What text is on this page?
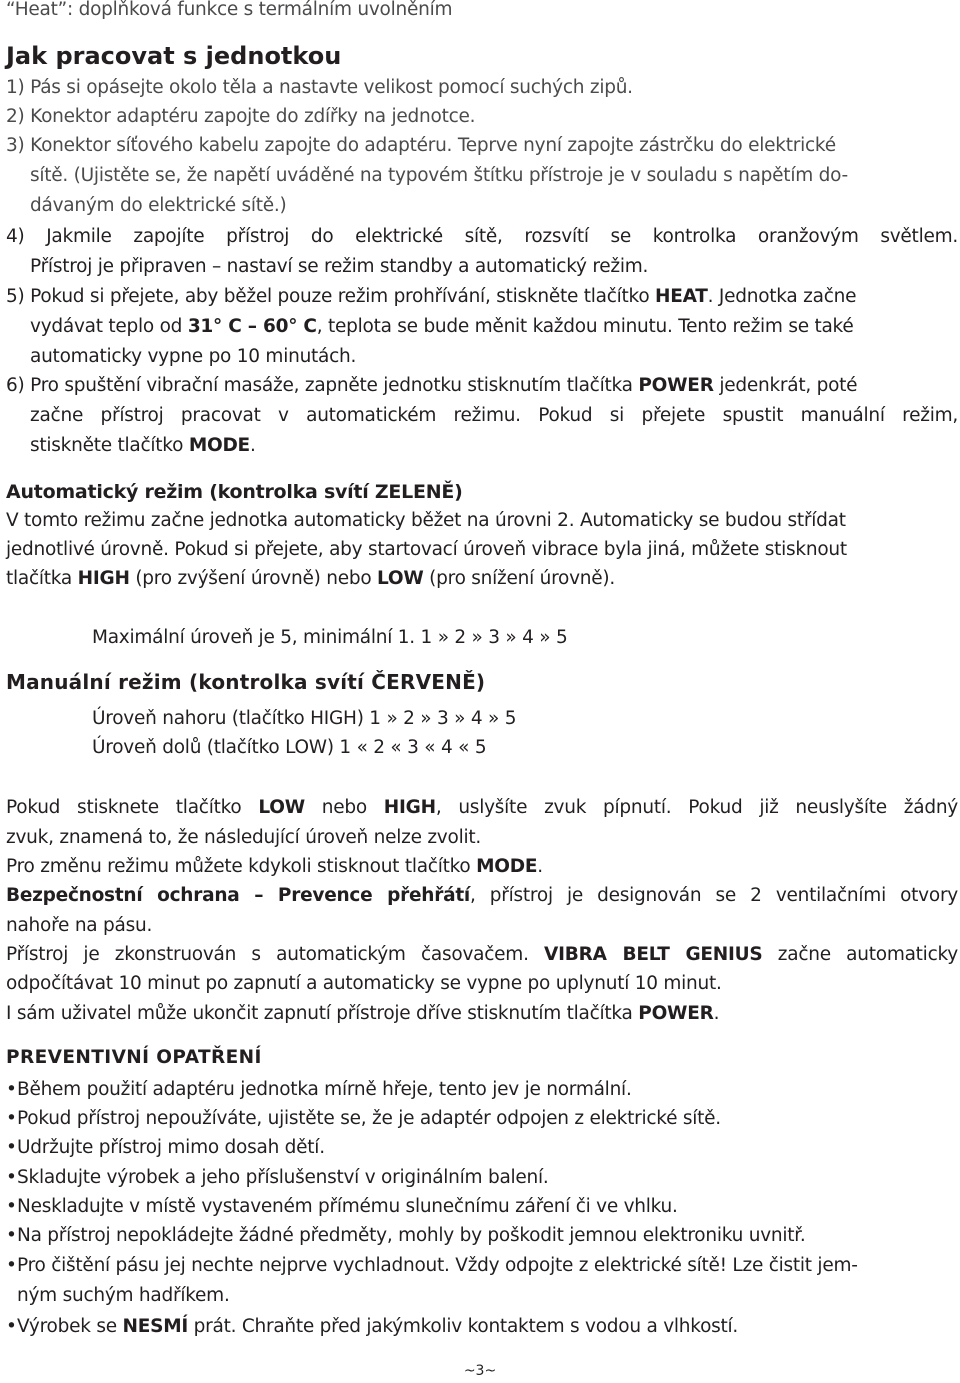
“Heat”: doplňková funkce s termálním uvolněním
Jak pracovat s jednotkou
1) Pás si opásejte okolo těla a nastavte velikost pomocí suchých zipů.
2) Konektor adaptéru zapojte do zdířky na jednotce.
3) Konektor síťového kabelu zapojte do adaptéru. Teprve nyní zapojte zástrčku do elektrické
sítě. (Ujistěte se, že napětí uváděné na typovém štítku přístroje je v souladu s napětím do-
dávaným do elektrické sítě.)
4) Jakmile zapojíte přístroj do elektrické sítě, rozsvítí se kontrolka oranžovým světlem.
Přístroj je připraven – nastaví se režim standby a automatický režim.
5) Pokud si přejete, aby běžel pouze režim prohřívání, stiskněte tlačítko HEAT. Jednotka začne
vydávat teplo od 31° C – 60° C, teplota se bude měnit každou minutu. Tento režim se také
automaticky vypne po 10 minutách.
6) Pro spuštění vibrační masáže, zapněte jednotku stisknutím tlačítka POWER jedenkrát, poté
začne přístroj pracovat v automatickém režimu. Pokud si přejete spustit manuální režim,
stiskněte tlačítko MODE.
Automatický režim (kontrolka svítí ZELENĚ)
V tomto režimu začne jednotka automaticky běžet na úrovni 2. Automaticky se budou střídat
jednotlivé úrovně. Pokud si přejete, aby startovací úroveň vibrace byla jiná, můžete stisknout
tlačítka HIGH (pro zvýšení úrovně) nebo LOW (pro snížení úrovně).
Maximální úroveň je 5, minimální 1. 1 » 2 » 3 » 4 » 5
Manuální režim (kontrolka svítí ČERVENĚ)
Úroveň nahoru (tlačítko HIGH) 1 » 2 » 3 » 4 » 5
Úroveň dolů (tlačítko LOW) 1 « 2 « 3 « 4 « 5
Pokud stisknete tlačítko LOW nebo HIGH, uslyšíte zvuk pípnutí. Pokud již neuslyšíte žádný
zvuk, znamená to, že následující úroveň nelze zvolit.
Pro změnu režimu můžete kdykoli stisknout tlačítko MODE.
Bezpečnostní ochrana – Prevence přehřátí, přístroj je designován se 2 ventilačními otvory
nahoře na pásu.
Přístroj je zkonstruován s automatickým časovačem. VIBRA BELT GENIUS začne automaticky
odpočítávat 10 minut po zapnutí a automaticky se vypne po uplynutí 10 minut.
I sám uživatel může ukončit zapnutí přístroje dříve stisknutím tlačítka POWER.
PREVENTIVNÍ OPATŘENÍ
• Během použití adaptéru jednotka mírně hřeje, tento jev je normální.
• Pokud přístroj nepoužíváte, ujistěte se, že je adaptér odpojen z elektrické sítě.
• Udržujte přístroj mimo dosah dětí.
• Skladujte výrobek a jeho příslušenství v originálním balení.
• Neskladujte v místě vystaveném přímému slunečnímu záření či ve vhlku.
• Na přístroj nepokládejte žádné předměty, mohly by poškodit jemnou elektroniku uvnitř.
• Pro čištění pásu jej nechte nejprve vychladnout. Vždy odpojte z elektrické sítě! Lze čistit jem-
ným suchým hadříkem.
• Výrobek se NESMÍ prát. Chraňte před jakýmkoliv kontaktem s vodou a vlhkostí.
~3~
